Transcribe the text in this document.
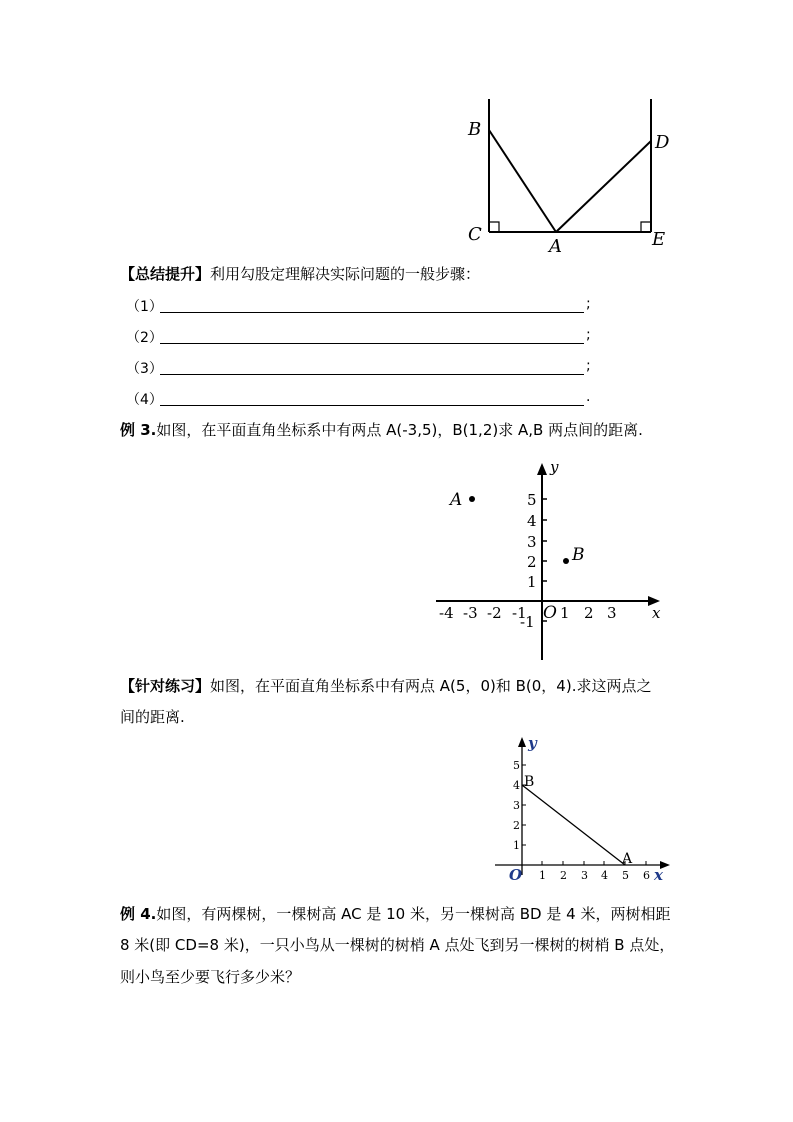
B
C
A
D
E
【总结提升】利用勾股定理解决实际问题的一般步骤：
（1）	;
（2）	;
（3）	;
（4）	.
例 3.如图，在平面直角坐标系中有两点 A(-3,5)，B(1,2)求 A,B 两点间的距离.
A
B
y
x
O
5
4
3
2
1
-1
-4 -3 -2 -1 1 2 3
【针对练习】如图，在平面直角坐标系中有两点 A(5，0)和 B(0，4).求这两点之
间的距离.
y
x
O
B
A
5
4
3
2
1
1 2 3 4 5 6
例 4.如图，有两棵树，一棵树高 AC 是 10 米，另一棵树高 BD 是 4 米，两树相距
8 米(即 CD=8 米)，一只小鸟从一棵树的树梢 A 点处飞到另一棵树的树梢 B 点处，
则小鸟至少要飞行多少米？
